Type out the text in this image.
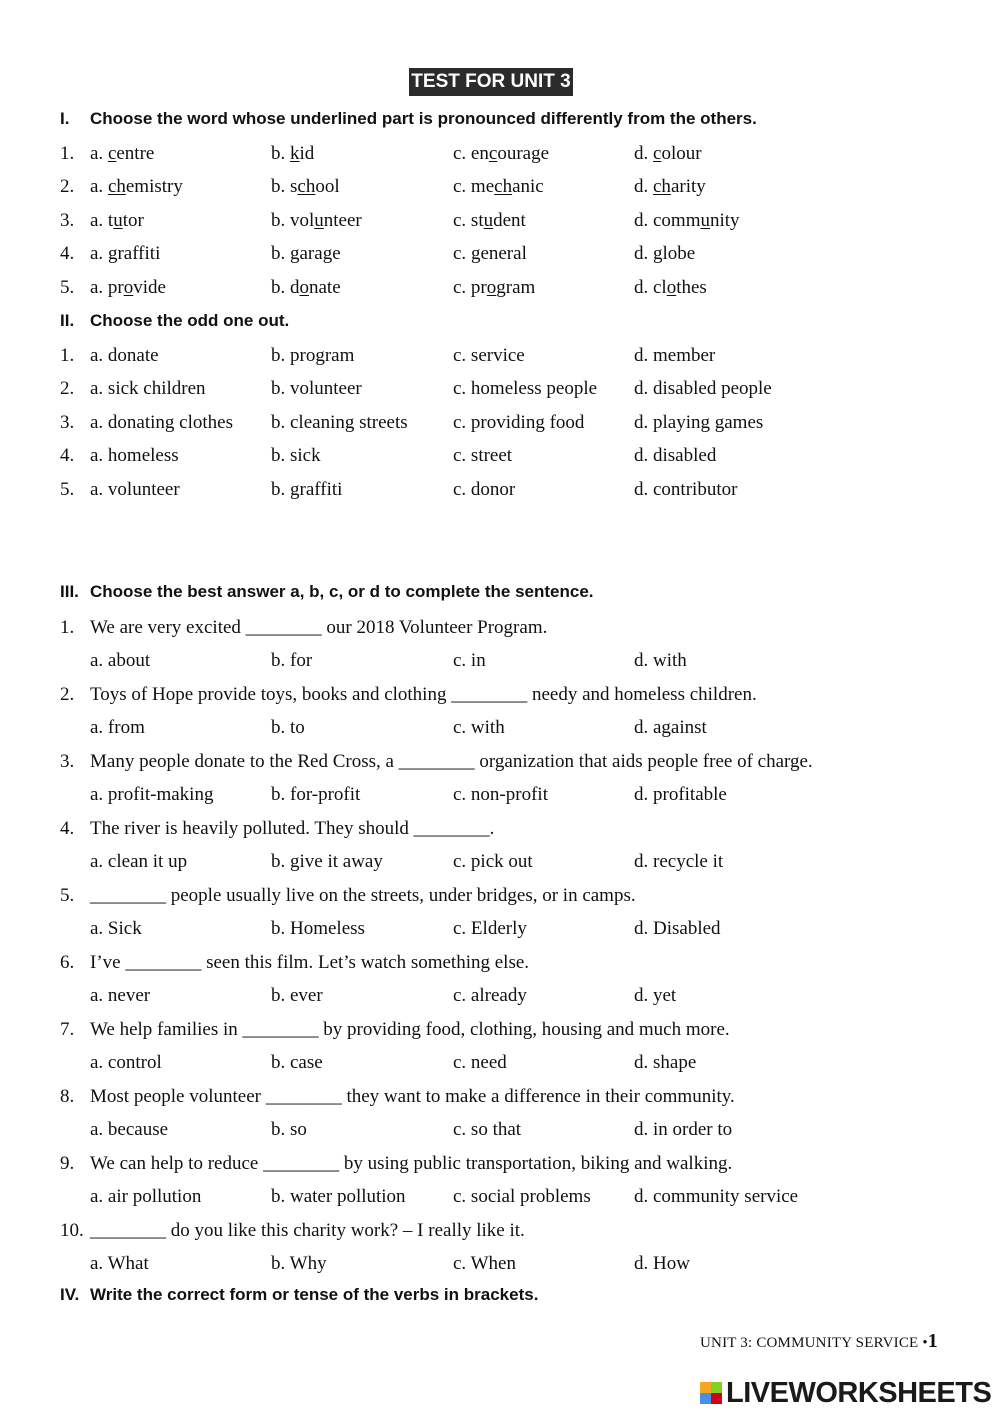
TEST FOR UNIT 3
I. Choose the word whose underlined part is pronounced differently from the others.
1. a. centre	b. kid	c. encourage	d. colour
2. a. chemistry	b. school	c. mechanic	d. charity
3. a. tutor	b. volunteer	c. student	d. community
4. a. graffiti	b. garage	c. general	d. globe
5. a. provide	b. donate	c. program	d. clothes
II. Choose the odd one out.
1. a. donate	b. program	c. service	d. member
2. a. sick children	b. volunteer	c. homeless people d. disabled people
3. a. donating clothes b. cleaning streets c. providing food	d. playing games
4. a. homeless	b. sick	c. street	d. disabled
5. a. volunteer	b. graffiti	c. donor	d. contributor
III. Choose the best answer a, b, c, or d to complete the sentence.
1. We are very excited ________ our 2018 Volunteer Program.
a. about	b. for	c. in	d. with
2. Toys of Hope provide toys, books and clothing ________ needy and homeless children.
a. from	b. to	c. with	d. against
3. Many people donate to the Red Cross, a ________ organization that aids people free of charge.
a. profit-making	b. for-profit	c. non-profit	d. profitable
4. The river is heavily polluted. They should ________.
a. clean it up	b. give it away	c. pick out	d. recycle it
5. ________ people usually live on the streets, under bridges, or in camps.
a. Sick	b. Homeless	c. Elderly	d. Disabled
6. I’ve ________ seen this film. Let’s watch something else.
a. never	b. ever	c. already	d. yet
7. We help families in ________ by providing food, clothing, housing and much more.
a. control	b. case	c. need	d. shape
8. Most people volunteer ________ they want to make a difference in their community.
a. because	b. so	c. so that	d. in order to
9. We can help to reduce ________ by using public transportation, biking and walking.
a. air pollution	b. water pollution c. social problems d. community service
10. ________ do you like this charity work? – I really like it.
a. What	b. Why	c. When	d. How
IV. Write the correct form or tense of the verbs in brackets.
UNIT 3: COMMUNITY SERVICE •1
LIVEWORKSHEETS
